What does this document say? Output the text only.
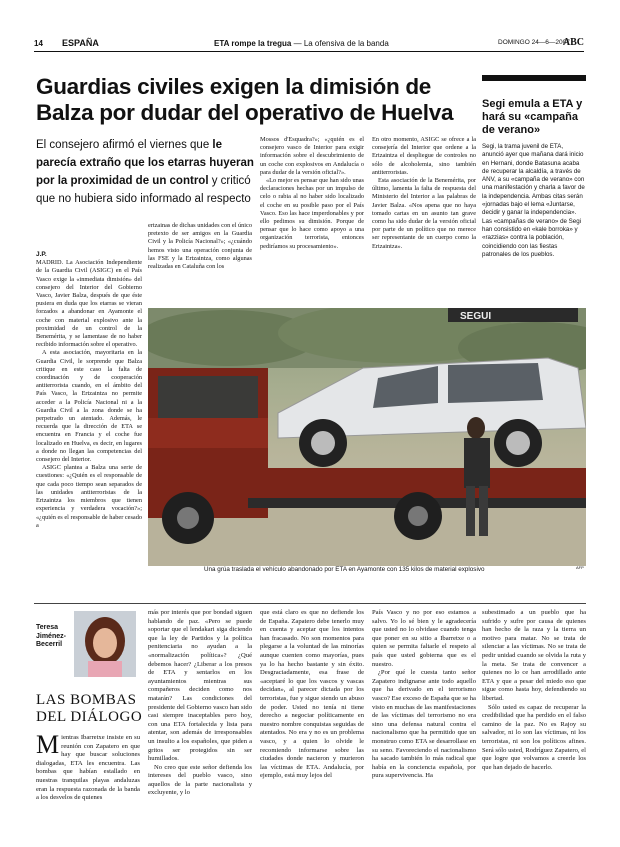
14 ESPAÑA	ETA rompe la tregua — La ofensiva de la banda	DOMINGO 24—6—2007
ABC
Guardias civiles exigen la dimisión de Balza por dudar del operativo de Huelva
El consejero afirmó el viernes que le parecía extraño que los etarras huyeran por la proximidad de un control y criticó que no hubiera sido informado al respecto
Segi emula a ETA y hará su «campaña de verano»
Segi, la trama juvenil de ETA, anunció ayer que mañana dará inicio en Hernani, donde Batasuna acaba de recuperar la alcaldía, a través de ANV, a su «campaña de verano» con una manifestación y charla a favor de la independencia. Ambas citas serán «jornadas bajo el lema «Juntarse, decidir y ganar la independencia». Las «campañas de verano» de Segi han consistido en «kale borroka» y «razzias» contra la población, coincidiendo con las fiestas patronales de los pueblos.
J.P.

MADRID. La Asociación Independiente de la Guardia Civil (ASIGC) en el País Vasco exige la «inmediata dimisión» del consejero del Interior del Gobierno Vasco, Javier Balza, después de que éste pusiera en duda que los etarras se vieran forzados a abandonar en Ayamonte el coche con material explosivo ante la proximidad de un control de la Benemérita, y se lamentase de no haber recibido información sobre el operativo.

A esta asociación, mayoritaria en la Guardia Civil, le sorprende que Balza critique en este caso la falta de coordinación y de cooperación antiterrorista cuando, en el ámbito del País Vasco, la Ertzaintza no permite acceder a la Policía Nacional ni a la Guardia Civil a la zona donde se ha perpetrado un atentado. Además, le recuerda que la dirección de ETA se encuentra en Francia y el coche fue localizado en Huelva, es decir, en lugares a donde no llegan las competencias del consejero del Interior.

ASIGC plantea a Balza una serie de cuestiones: «¿Quién es el responsable de que cada poco tiempo sean separados de las unidades antiterroristas de la Ertzaintza los miembros que tienen experiencia y verdadera vocación?»; «¿quién es el responsable de haber cesado a

ertzainas de dichas unidades con el único pretexto de ser amigos en la Guardia Civil y la Policía Nacional?»; «¿cuándo hemos visto una operación conjunta de las FSE y la Ertzaintza, como algunas realizadas en Cataluña con los

Mossos d'Esquadra?»; «¿quién es el consejero vasco de Interior para exigir información sobre el descubrimiento de un coche con explosivos en Andalucía o para dudar de la versión oficial?».

«Lo mejor es pensar que han sido unas declaraciones hechas por un impulso de celo o rabia al no haber sido localizado el coche en su posible paso por el País Vasco. Eso las hace imperdonables y por ello pedimos su dimisión. Porque de pensar que lo hace como apoyo a una organización terrorista, entonces pediríamos su procesamiento».

En otro momento, ASIGC se ofrece a la consejería del Interior que ordene a la Ertzaintza el despliegue de controles no sólo de alcoholemia, sino también antiterroristas.

Esta asociación de la Benemérita, por último, lamenta la falta de respuesta del Ministerio del Interior a las palabras de Javier Balza. «Nos apena que no haya tomado cartas en un asunto tan grave como ha sido dudar de la versión oficial por parte de un político que no merece ser representante de un cuerpo como la Ertzaintza».

SEGUI
Una grúa traslada el vehículo abandonado por ETA en Ayamonte con 135 kilos de material explosivo	AFP
Teresa Jiménez-Becerril
LAS BOMBAS DEL DIÁLOGO
Mientras Ibarretxe insiste en su reunión con Zapatero en que hay que buscar soluciones dialogadas, ETA les encuentra. Las bombas que habían estallado en nuestras tranquilas playas andaluzas eran la respuesta razonada de la banda a los desvelos de quienes

más por interés que por bondad siguen hablando de paz. «Pero se puede soportar que el lendakari siga diciendo que la ley de Partidos y la política penitenciaria no ayudan a la «normalización política»? ¿Qué debemos hacer? ¿Liberar a los presos de ETA y sentarlos en los ayuntamientos mientras sus compañeros deciden como nos matarán? Las condiciones del presidente del Gobierno vasco han sido casi siempre inaceptables pero hoy, con una ETA fortalecida y lista para atentar, son además de irresponsables un insulto a los españoles, que piden a gritos ser protegidos sin ser humillados.

No creo que este señor defienda los intereses del pueblo vasco, sino aquellos de la parte nacionalista y excluyente, y lo

que está claro es que no defiende los de España. Zapatero debe tenerlo muy en cuenta y aceptar que los intentos han fracasado. No son momentos para plegarse a la voluntad de las minorías aunque cuenten como mayorías, pues ya lo ha hecho bastante y sin éxito. Desgraciadamente, esa frase de «aceptaré lo que los vascos y vascas decidan», al parecer dictada por los terroristas, fue y sigue siendo un abuso de poder. Usted no tenía ni tiene derecho a negociar políticamente en nuestro nombre conquistas seguidas de atentados. No era y no es un problema vasco, y a quien lo olvide le recomiendo informarse sobre las ciudades donde nacieron y murieron las víctimas de ETA. Andalucía, por ejemplo, está muy lejos del

País Vasco y no por eso estamos a salvo. Yo lo sé bien y le agradecería que usted no lo olvidase cuando tenga que poner en su sitio a Ibarretxe o a quien se permita faltarle el respeto al país que usted gobierna que es el nuestro.

¿Por qué le cuesta tanto señor Zapatero indignarse ante todo aquello que ha derivado en el terrorismo vasco? Ese exceso de España que se ha visto en muchas de las manifestaciones de las víctimas del terrorismo no era sino una defensa natural contra el nacionalismo que ha permitido que un monstruo como ETA se desarrollase en su seno. Favoreciendo el nacionalismo ha sacado también lo más radical que había en la conciencia española, por pura supervivencia. Ha

subestimado a un pueblo que ha sufrido y sufre por causa de quienes han hecho de la raza y la tierra un motivo para matar. No se trata de silenciar a las víctimas. No se trata de pedir unidad cuando se olvida la ruta y la meta. Se trata de convencer a quienes no lo ce han arrodillado ante ETA y que a pesar del miedo eso que sigue como hasta hoy, defendiendo su libertad.

Sólo usted es capaz de recuperar la credibilidad que ha perdido en el falso camino de la paz. No es Rajoy su salvador, ni lo son las víctimas, ni los terroristas, ni son los políticos afines. Será sólo usted, Rodríguez Zapatero, el que logre que volvamos a creerle los que han dejado de hacerlo.
